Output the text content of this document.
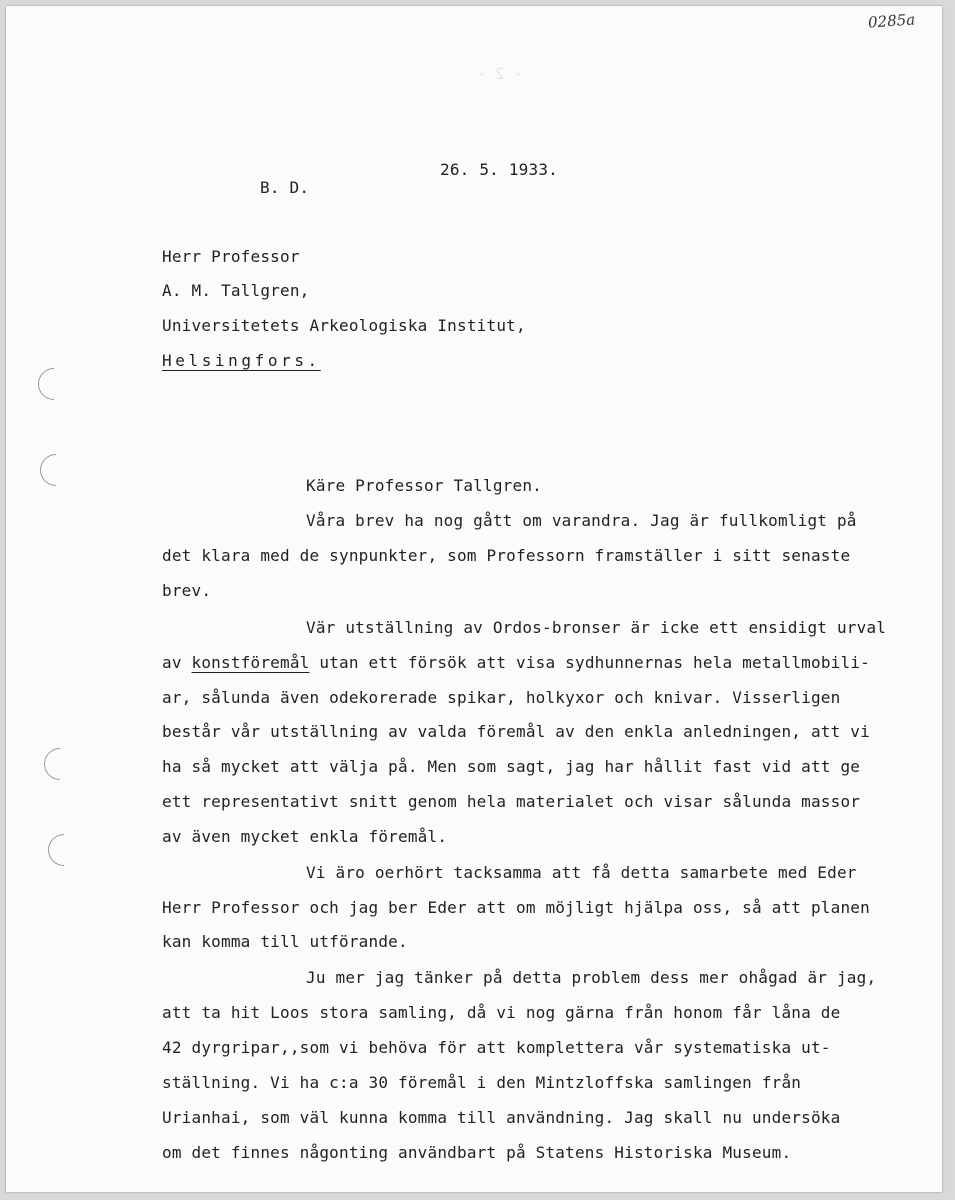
0285a
- 2 -
26. 5. 1933.
B. D.
Herr Professor
A. M. Tallgren,
Universitetets Arkeologiska Institut,
Helsingfors.
Käre Professor Tallgren.
Våra brev ha nog gått om varandra. Jag är fullkomligt på
det klara med de synpunkter, som Professorn framställer i sitt senaste
brev.
Vär utställning av Ordos-bronser är icke ett ensidigt urval
av konstföremål utan ett försök att visa sydhunnernas hela metallmobili-
ar, sålunda även odekorerade spikar, holkyxor och knivar. Visserligen
består vår utställning av valda föremål av den enkla anledningen, att vi
ha så mycket att välja på. Men som sagt, jag har hållit fast vid att ge
ett representativt snitt genom hela materialet och visar sålunda massor
av även mycket enkla föremål.
Vi äro oerhört tacksamma att få detta samarbete med Eder
Herr Professor och jag ber Eder att om möjligt hjälpa oss, så att planen
kan komma till utförande.
Ju mer jag tänker på detta problem dess mer ohågad är jag,
att ta hit Loos stora samling, då vi nog gärna från honom får låna de
42 dyrgripar,,som vi behöva för att komplettera vår systematiska ut-
ställning. Vi ha c:a 30 föremål i den Mintzloffska samlingen från
Urianhai, som väl kunna komma till användning. Jag skall nu undersöka
om det finnes någonting användbart på Statens Historiska Museum.
